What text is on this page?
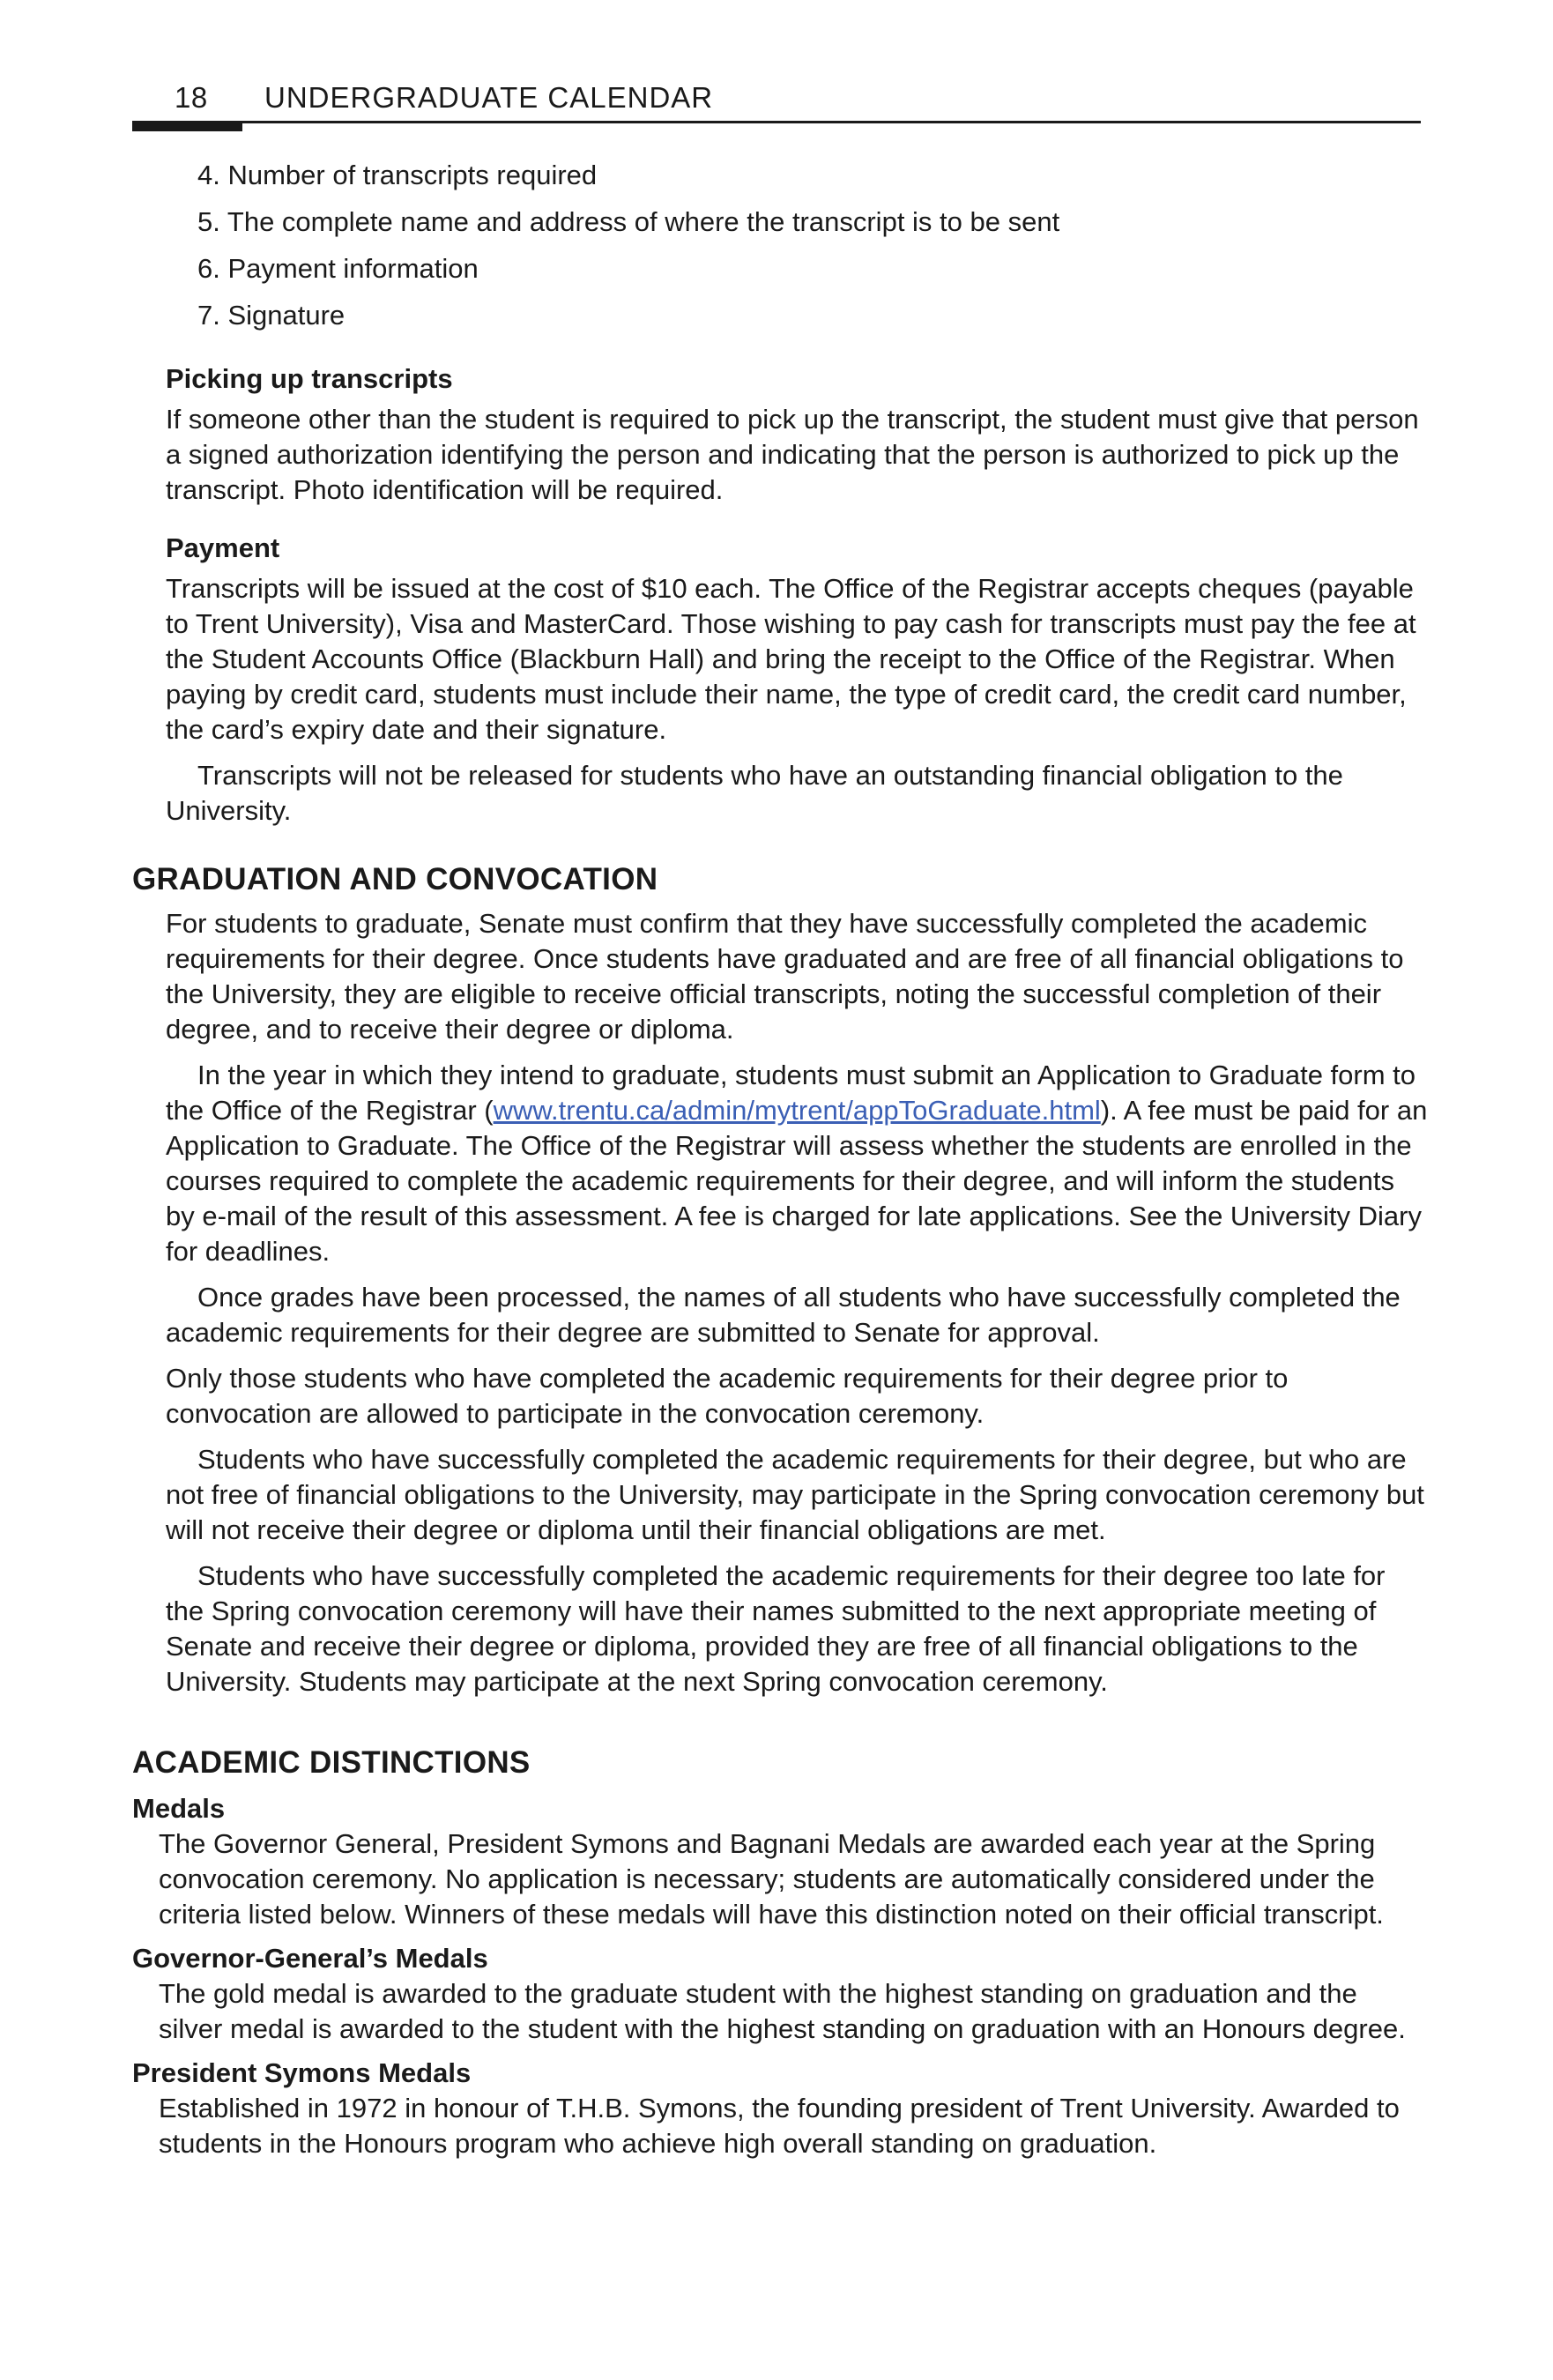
18 UNDERGRADUATE CALENDAR
4. Number of transcripts required
5. The complete name and address of where the transcript is to be sent
6. Payment information
7. Signature
Picking up transcripts

If someone other than the student is required to pick up the transcript, the student must give that person a signed authorization identifying the person and indicating that the person is authorized to pick up the transcript. Photo identification will be required.

Payment

Transcripts will be issued at the cost of $10 each. The Office of the Registrar accepts cheques (payable to Trent University), Visa and MasterCard. Those wishing to pay cash for transcripts must pay the fee at the Student Accounts Office (Blackburn Hall) and bring the receipt to the Office of the Registrar. When paying by credit card, students must include their name, the type of credit card, the credit card number, the card’s expiry date and their signature.

Transcripts will not be released for students who have an outstanding financial obligation to the University.

GRADUATION AND CONVOCATION

For students to graduate, Senate must confirm that they have successfully completed the academic requirements for their degree. Once students have graduated and are free of all financial obligations to the University, they are eligible to receive official transcripts, noting the successful completion of their degree, and to receive their degree or diploma.

In the year in which they intend to graduate, students must submit an Application to Graduate form to the Office of the Registrar (www.trentu.ca/admin/mytrent/appToGraduate.html). A fee must be paid for an Application to Graduate. The Office of the Registrar will assess whether the students are enrolled in the courses required to complete the academic requirements for their degree, and will inform the students by e-mail of the result of this assessment. A fee is charged for late applications. See the University Diary for deadlines.

Once grades have been processed, the names of all students who have successfully completed the academic requirements for their degree are submitted to Senate for approval.

Only those students who have completed the academic requirements for their degree prior to convocation are allowed to participate in the convocation ceremony.

Students who have successfully completed the academic requirements for their degree, but who are not free of financial obligations to the University, may participate in the Spring convocation ceremony but will not receive their degree or diploma until their financial obligations are met.

Students who have successfully completed the academic requirements for their degree too late for the Spring convocation ceremony will have their names submitted to the next appropriate meeting of Senate and receive their degree or diploma, provided they are free of all financial obligations to the University. Students may participate at the next Spring convocation ceremony.

ACADEMIC DISTINCTIONS
Medals

The Governor General, President Symons and Bagnani Medals are awarded each year at the Spring convocation ceremony. No application is necessary; students are automatically considered under the criteria listed below. Winners of these medals will have this distinction noted on their official transcript.

Governor-General’s Medals

The gold medal is awarded to the graduate student with the highest standing on graduation and the silver medal is awarded to the student with the highest standing on graduation with an Honours degree.

President Symons Medals

Established in 1972 in honour of T.H.B. Symons, the founding president of Trent University. Awarded to students in the Honours program who achieve high overall standing on graduation.
